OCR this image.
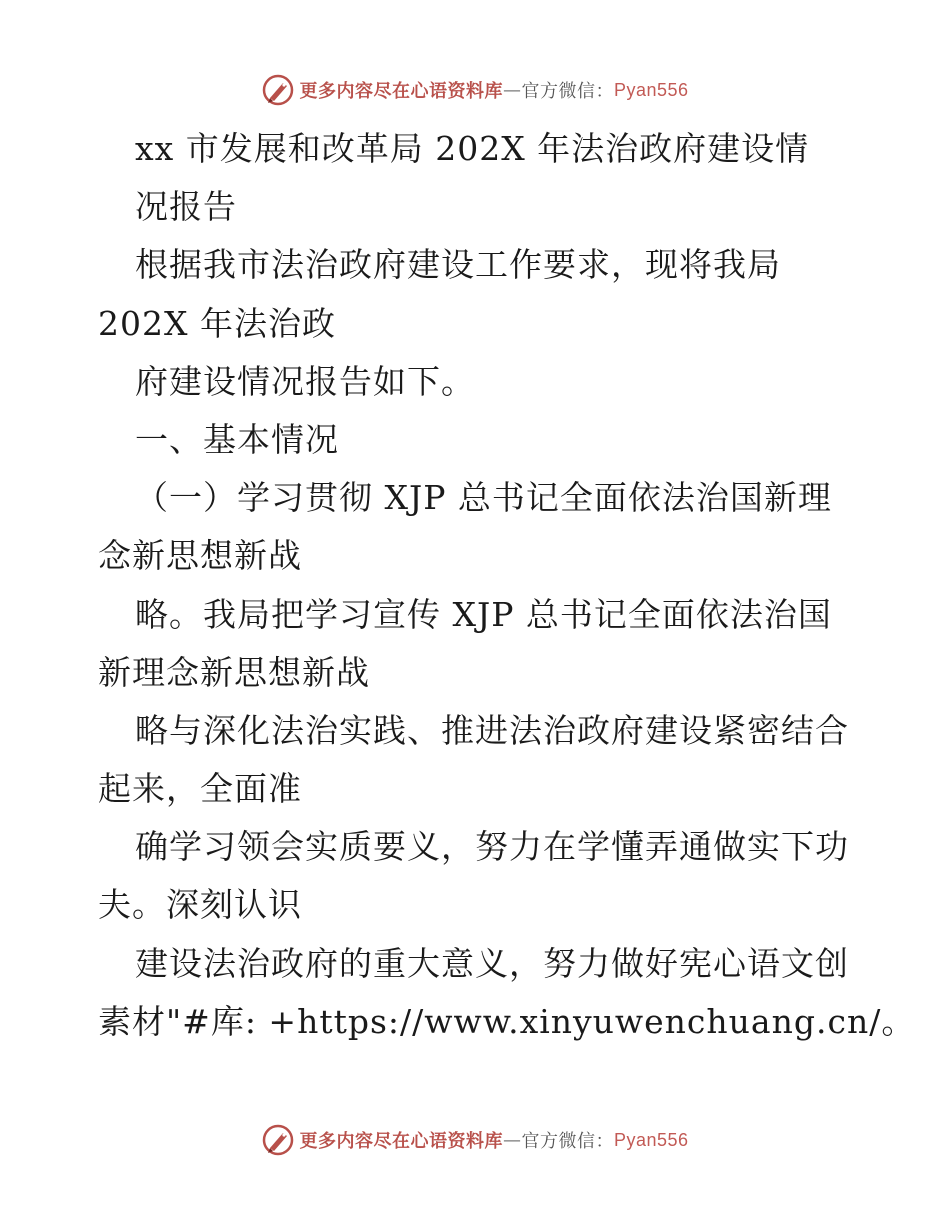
更多内容尽在心语资料库 — 官方微信： Pyan556
xx 市发展和改革局 202X 年法治政府建设情
况报告
根据我市法治政府建设工作要求，现将我局
202X 年法治政
府建设情况报告如下。
一、基本情况
（一）学习贯彻 XJP 总书记全面依法治国新理
念新思想新战
略。我局把学习宣传 XJP 总书记全面依法治国
新理念新思想新战
略与深化法治实践、推进法治政府建设紧密结合
起来，全面准
确学习领会实质要义，努力在学懂弄通做实下功
夫。深刻认识
建设法治政府的重大意义，努力做好宪心语文创
素材"#库: +https://www.xinyuwenchuang.cn/。
更多内容尽在心语资料库 — 官方微信： Pyan556
